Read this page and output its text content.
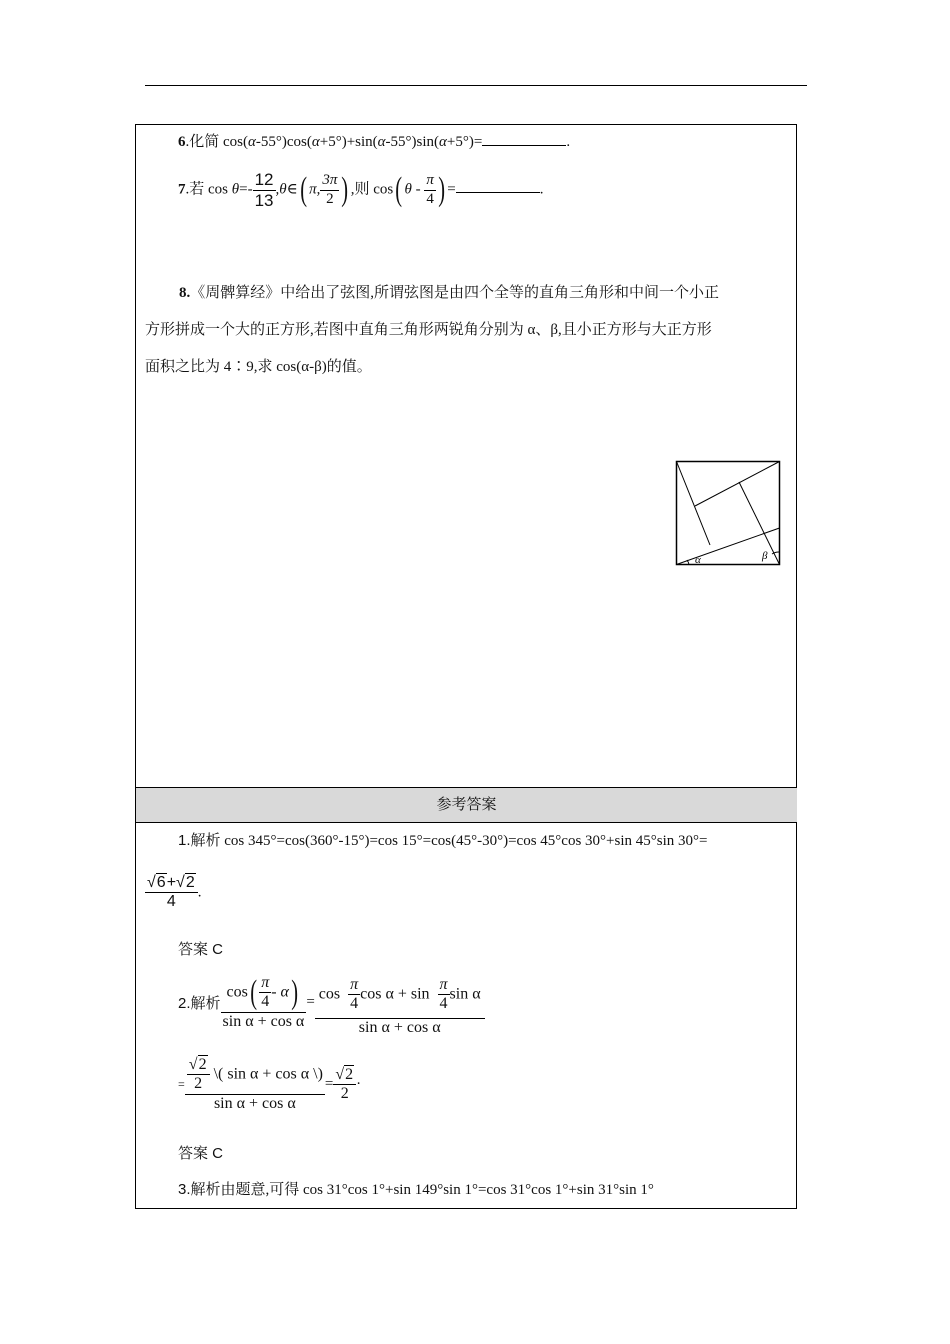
6.化简 cos(α-55°)cos(α+5°)+sin(α-55°)sin(α+5°)=	.
7.若 $\cos \theta=- \frac{12}{13}$ ,θ∈( π, $\frac{3\pi}{2}$ ) ,则 cos( θ - $\frac{\pi}{4}$ ) =	.
8.《周髀算经》中给出了弦图,所谓弦图是由四个全等的直角三角形和中间一个小正
方形拼成一个大的正方形,若图中直角三角形两锐角分别为 α、β,且小正方形与大正方形
面积之比为 4∶9,求 cos(α-β)的值。
α	β
参考答案
1.解析 cos 345°=cos(360°-15°)=cos 15°=cos(45°-30°)=cos 45°cos 30°+sin 45°sin 30°=
$\frac{√6+√2}{4}$ .
答案 C
2.解析 $\frac{\cos( \frac{\pi}{4} - \alpha)}{\text{sin α + cos α}} = \frac{\cos \frac{\pi}{4} \cos \alpha + \sin \frac{\pi}{4} \sin \alpha}{\text{sin α + cos α}}$
= $\frac{\frac{√2}{2} \backslash( \sin \alpha + \cos \alpha \backslash)}{\text{sin α + cos α}} = \frac{√2}{2}$ ·
答案 C
3.解析由题意,可得 cos 31°cos 1°+sin 149°sin 1°=cos 31°cos 1°+sin 31°sin 1°
